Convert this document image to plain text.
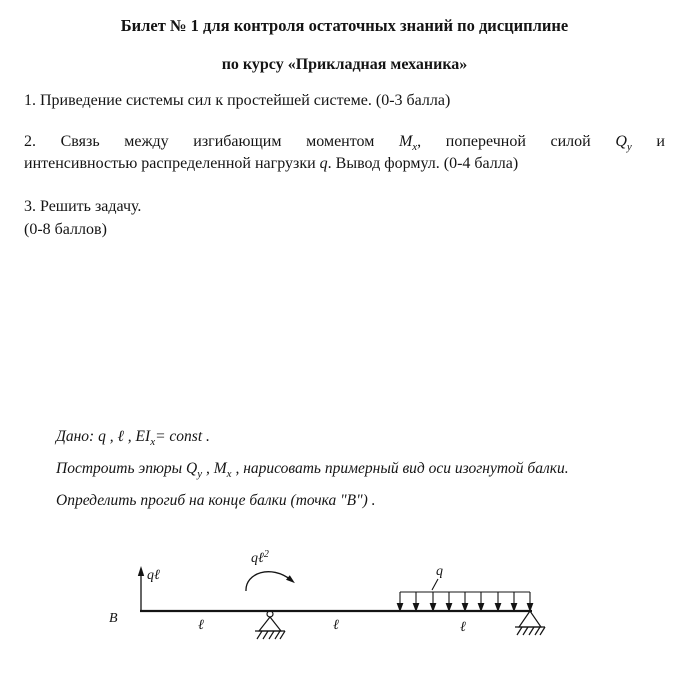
Билет № 1 для контроля остаточных знаний по дисциплине

по курсу «Прикладная механика»

1. Приведение системы сил к простейшей системе. (0-3 балла)

2. Связь между изгибающим моментом $M_x$, поперечной силой $Q_y$ и
интенсивностью распределенной нагрузки q. Вывод формул. (0-4 балла)

3. Решить задачу.
(0-8 баллов)

Дано: q , ℓ , $EI_x=$ const .
Построить эпюры $Q_y$ , $M_x$ , нарисовать примерный вид оси изогнутой балки.
Определить прогиб на конце балки (точка "В") .
B
qℓ
qℓ$^2$
q
ℓ	ℓ	ℓ
